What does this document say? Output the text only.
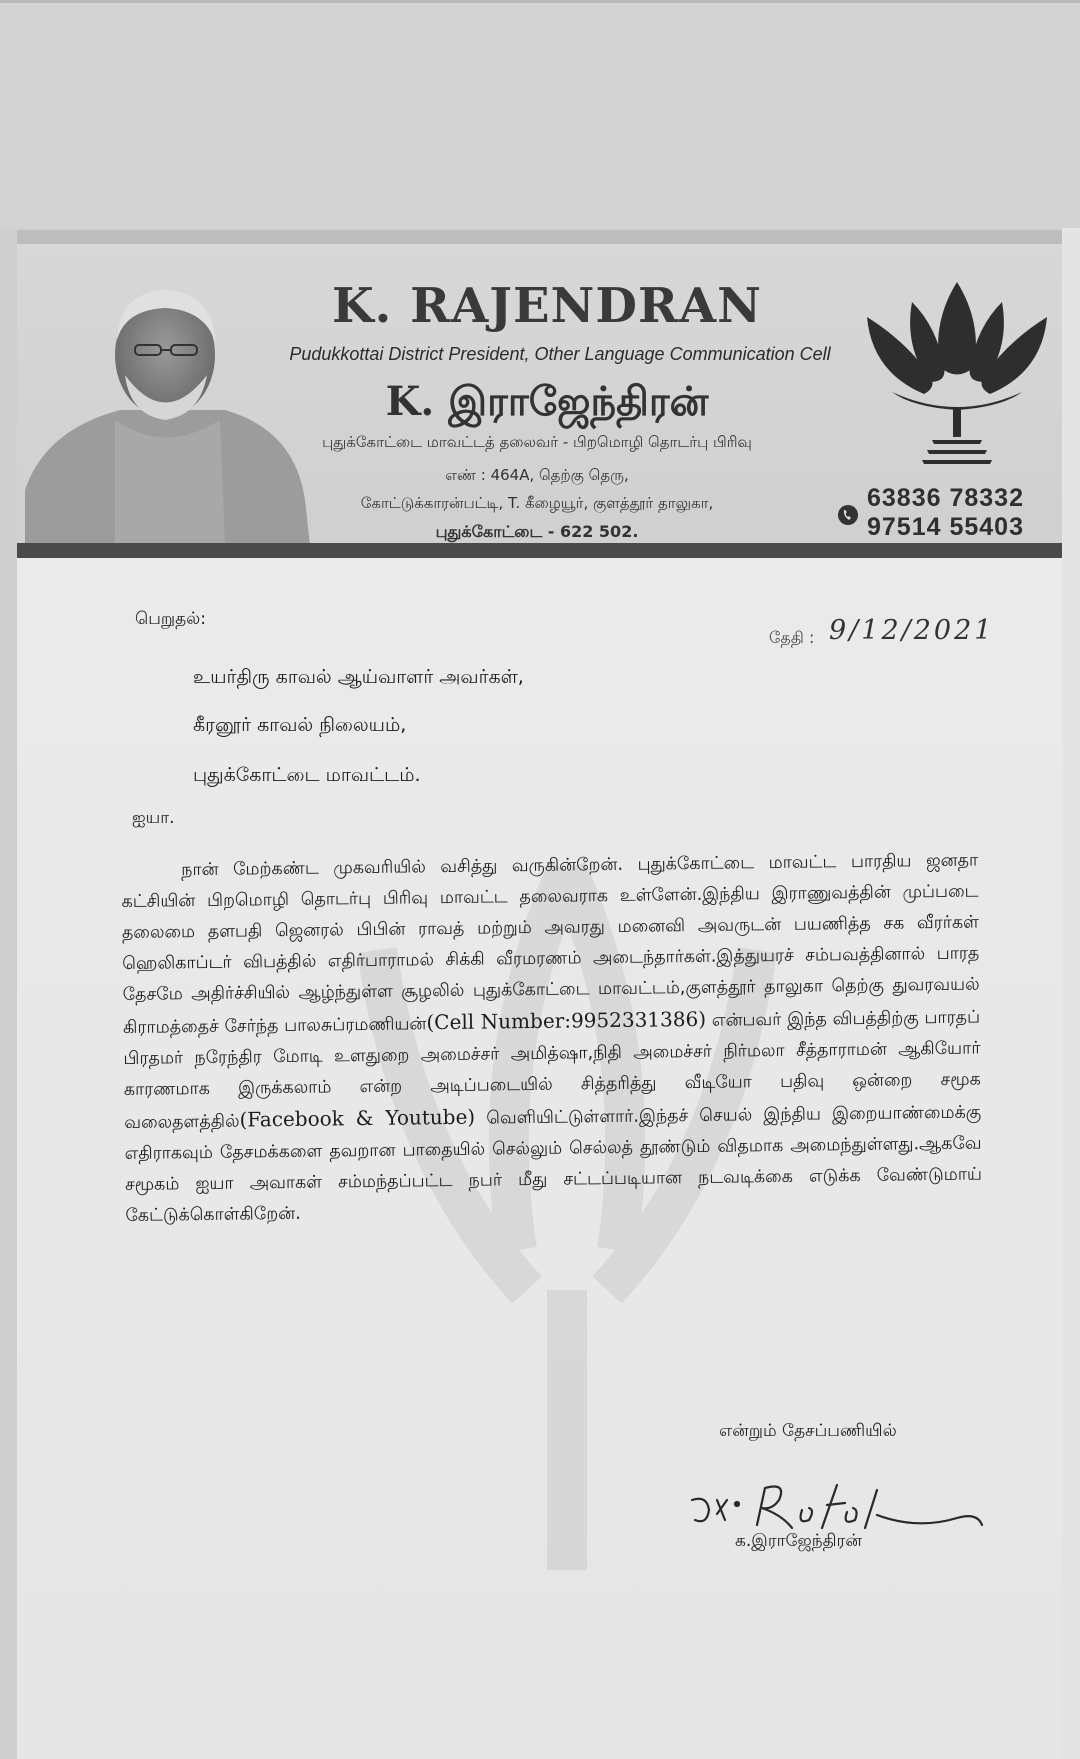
K. RAJENDRAN
Pudukkottai District President, Other Language Communication Cell
K. இராஜேந்திரன்
புதுக்கோட்டை மாவட்டத் தலைவர் - பிறமொழி தொடர்பு பிரிவு
எண் : 464A, தெற்கு தெரு,
கோட்டுக்காரன்பட்டி, T. கீழையூர், குளத்தூர் தாலுகா,
புதுக்கோட்டை - 622 502.
63836 78332
97514 55403
பெறுதல்:
தேதி : 9/12/2021
உயர்திரு காவல் ஆய்வாளர் அவர்கள்,
கீரனூர் காவல் நிலையம்,
புதுக்கோட்டை மாவட்டம்.
ஐயா.
நான் மேற்கண்ட முகவரியில் வசித்து வருகின்றேன். புதுக்கோட்டை மாவட்ட பாரதிய ஜனதா கட்சியின் பிறமொழி தொடர்பு பிரிவு மாவட்ட தலைவராக உள்ளேன்.இந்திய இராணுவத்தின் முப்படை தலைமை தளபதி ஜெனரல் பிபின் ராவத் மற்றும் அவரது மனைவி அவருடன் பயணித்த சக வீரர்கள் ஹெலிகாப்டர் விபத்தில் எதிர்பாராமல் சிக்கி வீரமரணம் அடைந்தார்கள்.இத்துயரச் சம்பவத்தினால் பாரத தேசமே அதிர்ச்சியில் ஆழ்ந்துள்ள சூழலில் புதுக்கோட்டை மாவட்டம்,குளத்தூர் தாலுகா தெற்கு துவரவயல் கிராமத்தைச் சேர்ந்த பாலசுப்ரமணியன்(Cell Number:9952331386) என்பவர் இந்த விபத்திற்கு பாரதப் பிரதமர் நரேந்திர மோடி உளதுறை அமைச்சர் அமித்ஷா,நிதி அமைச்சர் நிர்மலா சீத்தாராமன் ஆகியோர் காரணமாக இருக்கலாம் என்ற அடிப்படையில் சித்தரித்து வீடியோ பதிவு ஒன்றை சமூக வலைதளத்தில்(Facebook & Youtube) வெளியிட்டுள்ளார்.இந்தச் செயல் இந்திய இறையாண்மைக்கு எதிராகவும் தேசமக்களை தவறான பாதையில் செல்லும் செல்லத் தூண்டும் விதமாக அமைந்துள்ளது.ஆகவே சமூகம் ஐயா அவாகள் சம்மந்தப்பட்ட நபர் மீது சட்டப்படியான நடவடிக்கை எடுக்க வேண்டுமாய் கேட்டுக்கொள்கிறேன்.
என்றும் தேசப்பணியில்
க.இராஜேந்திரன்
